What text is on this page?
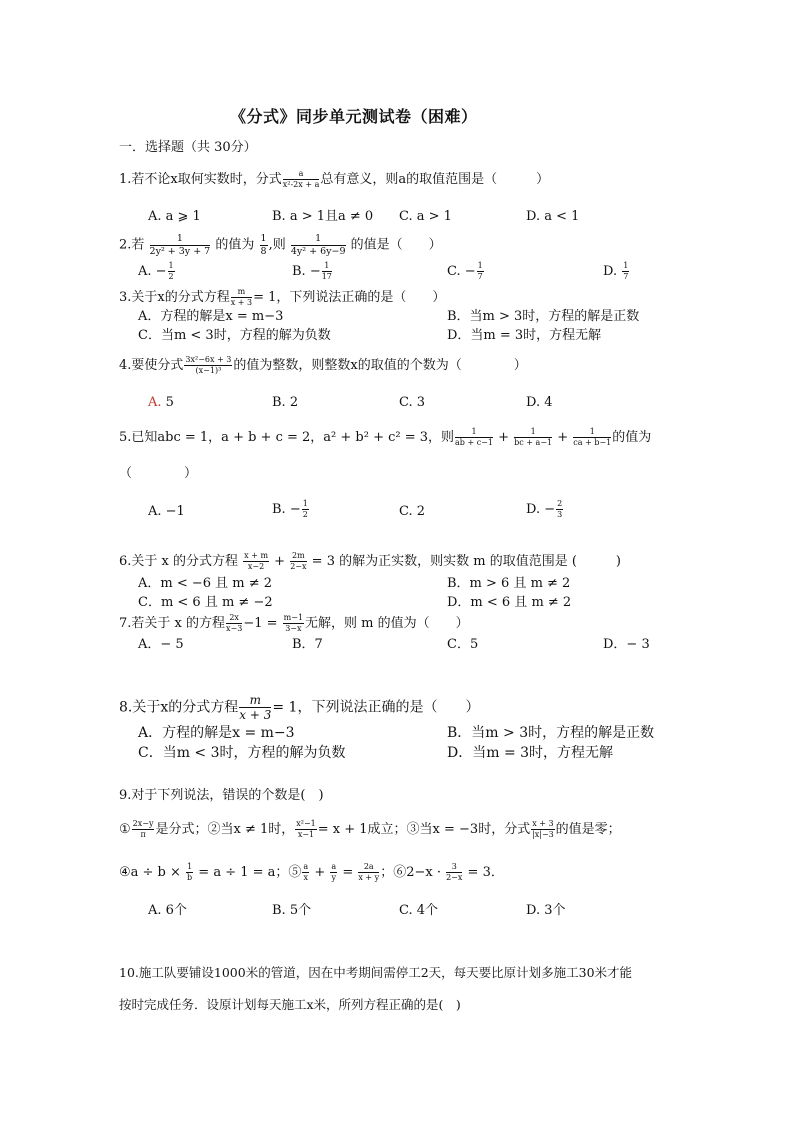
《分式》同步单元测试卷（困难）
一．选择题（共 30分）
1.若不论x取何实数时，分式 $\frac{a}{\text{x²-2x + a}}$ 总有意义，则a的取值范围是（　　　）
A. a ⩾ 1	B. a > 1且a ≠ 0 C. a > 1	D. a < 1
2.若 $\frac{1}{\text{2y² + 3y + 7}}$ 的值为 $\frac{1}{8}$ ,则 $\frac{1}{\text{4y² + 6y−9}}$ 的值是（　　）
A. − $\frac{1}{2}$	B. − $\frac{1}{17}$	C. − $\frac{1}{7}$	D. $\frac{1}{7}$
3.关于x的分式方程 $\frac{m}{x + 3} = 1$，下列说法正确的是（　　）
A．方程的解是x = m−3	B．当m > 3时，方程的解是正数
C．当m < 3时，方程的解为负数	D．当m = 3时，方程无解
4.要使分式 $\frac{\text{3x²−6x + 3}}{\text{(x−1)³}}$ 的值为整数，则整数x的取值的个数为（　　　　）
A. 5	B. 2	C. 3	D. 4
5.已知abc = 1，a + b + c = 2，a² + b² + c² = 3，则 $\frac{1}{ab + c-1} + \frac{1}{bc + a-1} + \frac{1}{ca + b-1}$ 的值为
（　　　　）
A. −1	B. − $\frac{1}{2}$	C. 2	D. − $\frac{2}{3}$
6.关于 x 的分式方程 $\frac{x + m}{x-2} + \frac{2m}{2-x} = 3$ 的解为正实数，则实数 m 的取值范围是 (　　　)
A．m < −6 且 m ≠ 2	B．m > 6 且 m ≠ 2
C．m < 6 且 m ≠ −2	D．m < 6 且 m ≠ 2
7.若关于 x 的方程 $\frac{2x}{x-3} -1 = \frac{m-1}{3-x}$ 无解，则 m 的值为（　　）
A．− 5	B．7	C．5	D．− 3
8.关于x的分式方程 $\frac{m}{x + 3} = 1$，下列说法正确的是（　　）
A．方程的解是x = m−3	B．当m > 3时，方程的解是正数
C．当m < 3时，方程的解为负数	D．当m = 3时，方程无解
9.对于下列说法，错误的个数是(　)
① $\frac{2x-y}{\pi}$ 是分式；②当x ≠ 1时， $\frac{\text{x²−1}}{x-1} = x + 1$成立；③当x = −3时，分式 $\frac{x + 3}{|x|-3}$ 的值是零；
④a ÷ $b \times \frac{1}{b} = a \div 1 = a$；⑤ $\frac{a}{x} + \frac{a}{y} = \frac{2a}{x + y}$ ；⑥2−x · $\frac{3}{2-x} = 3$．
A. 6个	B. 5个	C. 4个	D. 3个
10.施工队要铺设1000米的管道，因在中考期间需停工2天，每天要比原计划多施工30米才能
按时完成任务．设原计划每天施工x米，所列方程正确的是(　)
